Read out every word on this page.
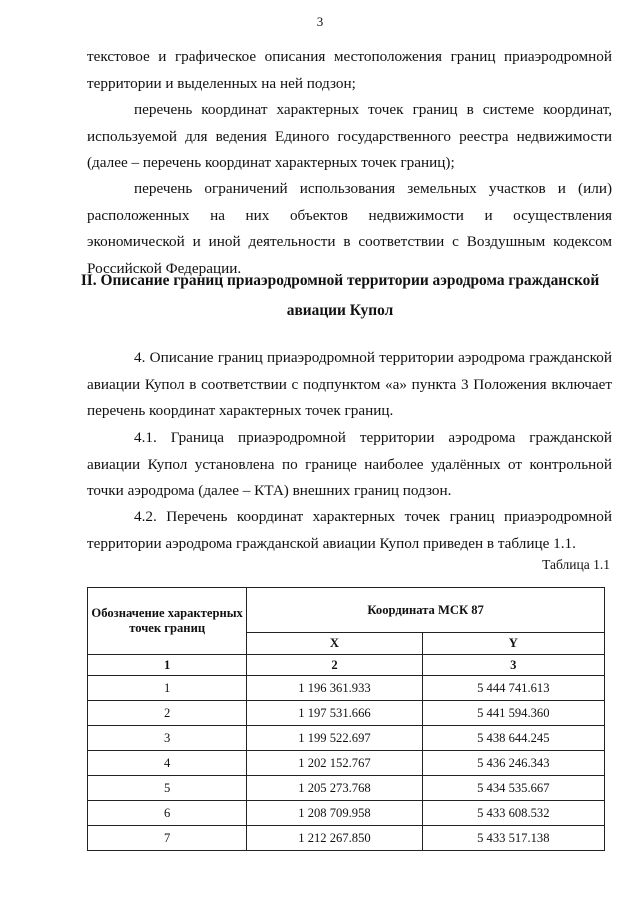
3

текстовое и графическое описания местоположения границ приаэродромной территории и выделенных на ней подзон;

перечень координат характерных точек границ в системе координат, используемой для ведения Единого государственного реестра недвижимости (далее – перечень координат характерных точек границ);

перечень ограничений использования земельных участков и (или) расположенных на них объектов недвижимости и осуществления экономической и иной деятельности в соответствии с Воздушным кодексом Российской Федерации.

II. Описание границ приаэродромной территории аэродрома гражданской
авиации Купол

4. Описание границ приаэродромной территории аэродрома гражданской авиации Купол в соответствии с подпунктом «а» пункта 3 Положения включает перечень координат характерных точек границ.

4.1. Граница приаэродромной территории аэродрома гражданской авиации Купол установлена по границе наиболее удалённых от контрольной точки аэродрома (далее – КТА) внешних границ подзон.

4.2. Перечень координат характерных точек границ приаэродромной территории аэродрома гражданской авиации Купол приведен в таблице 1.1.

Таблица 1.1
Обозначение характерных точек границ	Координата МСК 87	
	X	Y
1	2	3
1	1 196 361.933	5 444 741.613
2	1 197 531.666	5 441 594.360
3	1 199 522.697	5 438 644.245
4	1 202 152.767	5 436 246.343
5	1 205 273.768	5 434 535.667
6	1 208 709.958	5 433 608.532
7	1 212 267.850	5 433 517.138
